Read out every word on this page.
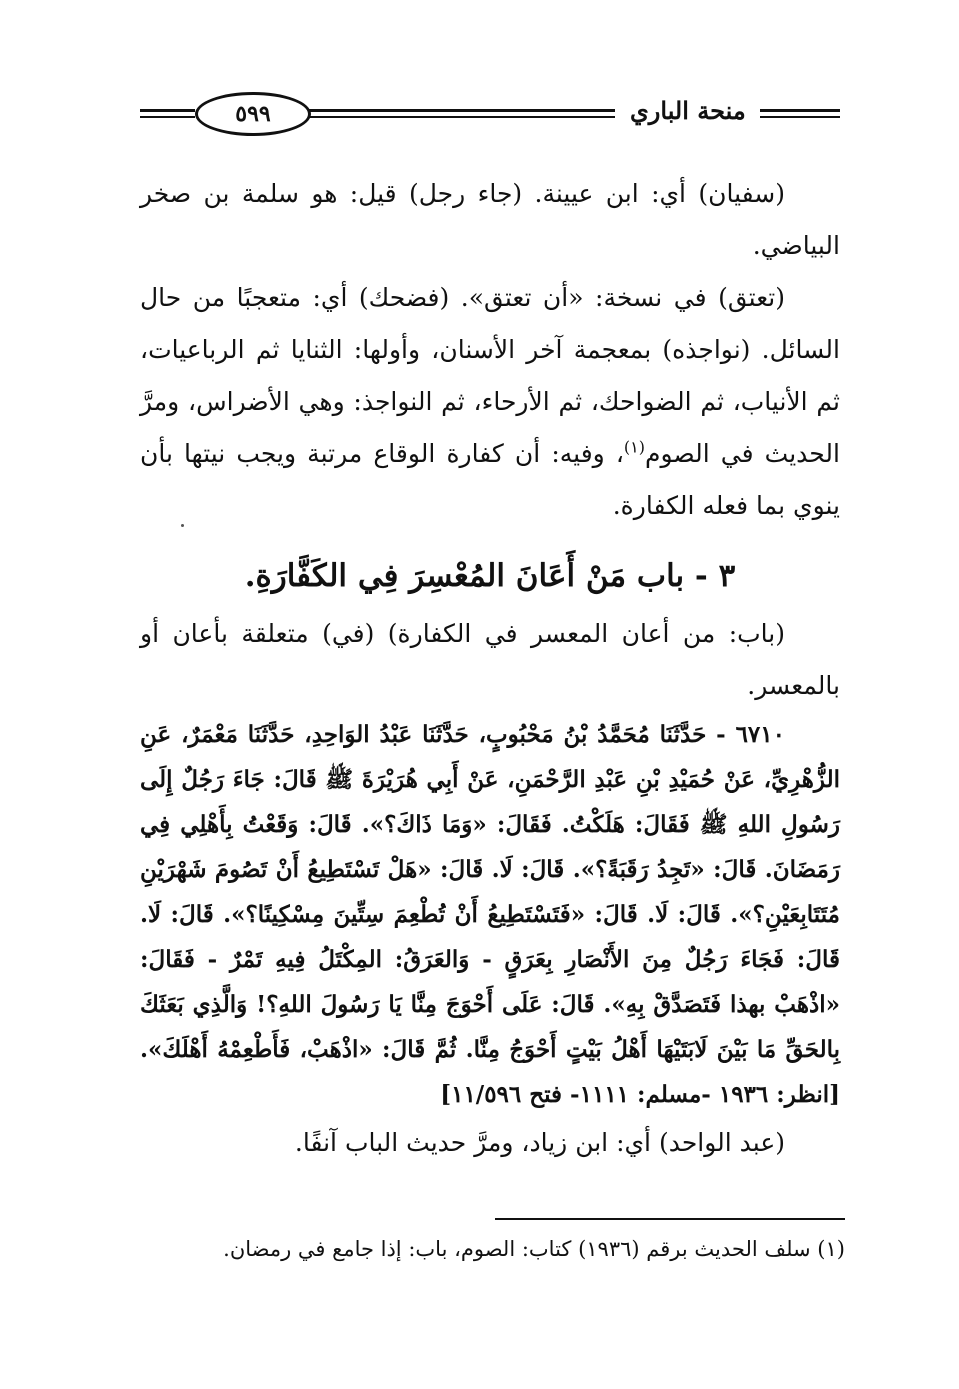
منحة الباري
٥٩٩

(سفيان) أي: ابن عيينة. (جاء رجل) قيل: هو سلمة بن صخر البياضي.

(تعتق) في نسخة: «أن تعتق». (فضحك) أي: متعجبًا من حال السائل. (نواجذه) بمعجمة آخر الأسنان، وأولها: الثنايا ثم الرباعيات، ثم الأنياب، ثم الضواحك، ثم الأرحاء، ثم النواجذ: وهي الأضراس، ومرَّ الحديث في الصوم$^{(١)}$، وفيه: أن كفارة الوقاع مرتبة ويجب نيتها بأن ينوي بما فعله الكفارة.

٣ - باب مَنْ أَعَانَ المُعْسِرَ فِي الكَفَّارَةِ.

(باب: من أعان المعسر في الكفارة) (في) متعلقة بأعان أو بالمعسر.

٦٧١٠ - حَدَّثَنَا مُحَمَّدُ بْنُ مَحْبُوبٍ، حَدَّثَنَا عَبْدُ الوَاحِدِ، حَدَّثَنَا مَعْمَرٌ، عَنِ الزُّهْرِيِّ، عَنْ حُمَيْدِ بْنِ عَبْدِ الرَّحْمَنِ، عَنْ أَبِي هُرَيْرَةَ ﷺ قَالَ: جَاءَ رَجُلٌ إِلَى رَسُولِ اللهِ ﷺ فَقَالَ: هَلَكْتُ. فَقَالَ: «وَمَا ذَاكَ؟». قَالَ: وَقَعْتُ بِأَهْلِي فِي رَمَضَانَ. قَالَ: «تَجِدُ رَقَبَةً؟». قَالَ: لَا. قَالَ: «هَلْ تَسْتَطِيعُ أَنْ تَصُومَ شَهْرَيْنِ مُتَتَابِعَيْنِ؟». قَالَ: لَا. قَالَ: «فَتَسْتَطِيعُ أَنْ تُطْعِمَ سِتِّينَ مِسْكِينًا؟». قَالَ: لَا. قَالَ: فَجَاءَ رَجُلٌ مِنَ الأَنْصَارِ بِعَرَقٍ - وَالعَرَقُ: المِكْتَلُ فِيهِ تَمْرٌ - فَقَالَ: «اذْهَبْ بهذا فَتَصَدَّقْ بِهِ». قَالَ: عَلَى أَحْوَجَ مِنَّا يَا رَسُولَ اللهِ؟! وَالَّذِي بَعَثَكَ بِالحَقِّ مَا بَيْنَ لَابَتَيْهَا أَهْلُ بَيْتٍ أَحْوَجُ مِنَّا. ثُمَّ قَالَ: «اذْهَبْ، فَأَطْعِمْهُ أَهْلَكَ». [انظر: ١٩٣٦ -مسلم: ١١١١- فتح ١١/٥٩٦]

(عبد الواحد) أي: ابن زياد، ومرَّ حديث الباب آنفًا.

(١) سلف الحديث برقم (١٩٣٦) كتاب: الصوم، باب: إذا جامع في رمضان.
